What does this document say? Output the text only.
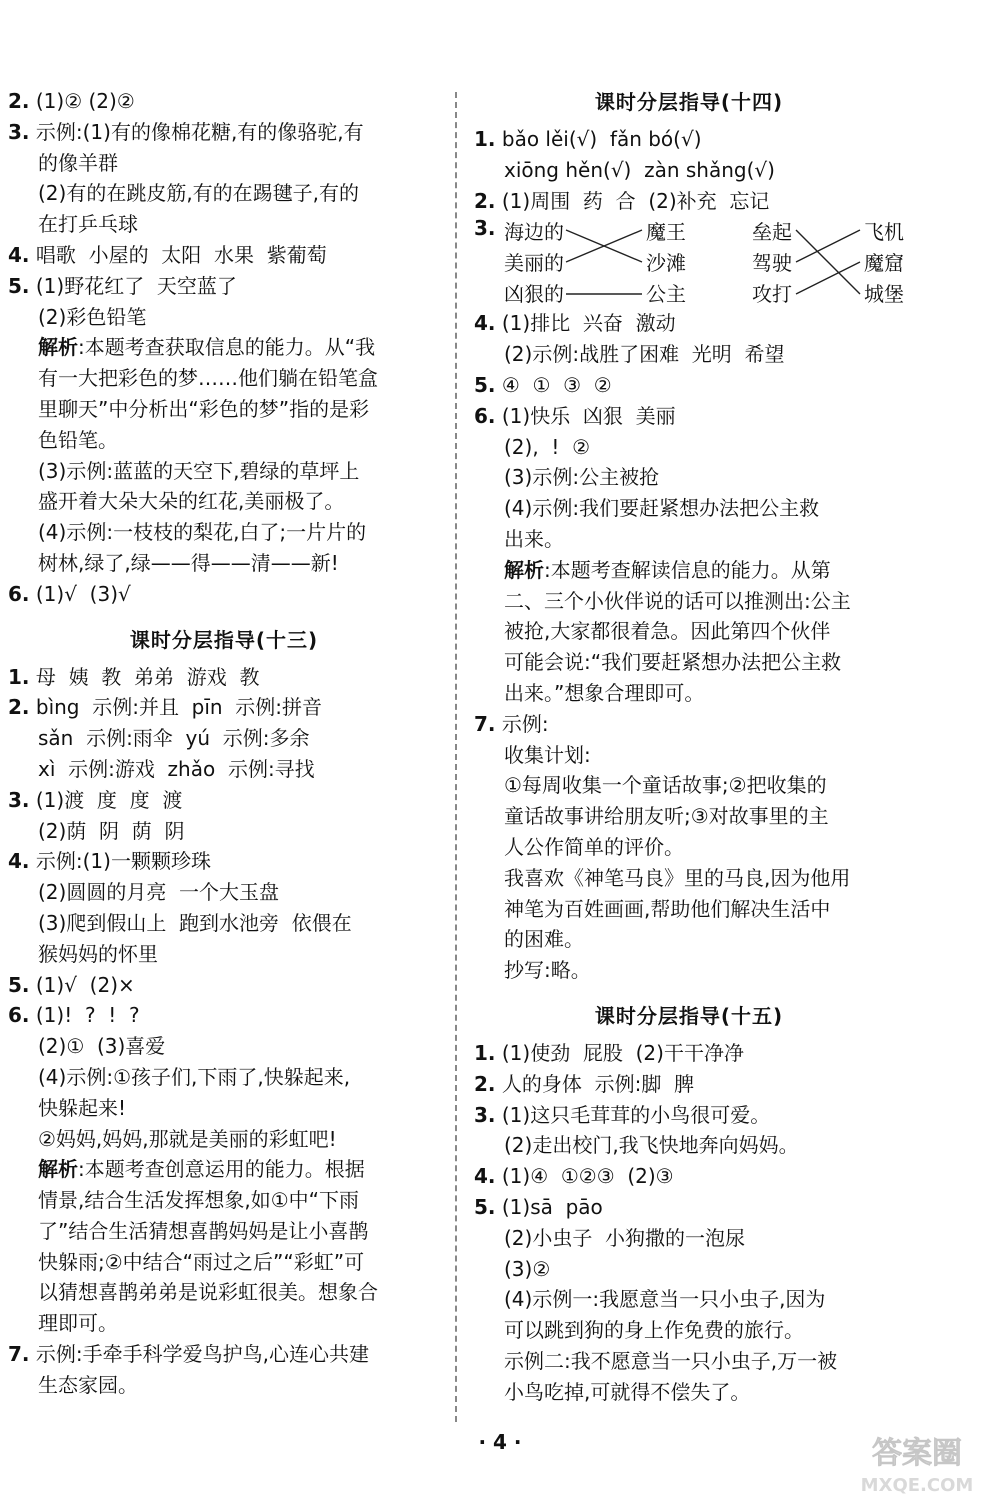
2. (1)② (2)②
3. 示例:(1)有的像棉花糖,有的像骆驼,有
的像羊群
(2)有的在跳皮筋,有的在踢毽子,有的
在打乒乓球
4. 唱歌  小屋的  太阳  水果  紫葡萄
5. (1)野花红了  天空蓝了
(2)彩色铅笔
解析:本题考查获取信息的能力。从“我
有一大把彩色的梦……他们躺在铅笔盒
里聊天”中分析出“彩色的梦”指的是彩
色铅笔。
(3)示例:蓝蓝的天空下,碧绿的草坪上
盛开着大朵大朵的红花,美丽极了。
(4)示例:一枝枝的梨花,白了;一片片的
树林,绿了,绿——得——清——新!
6. (1)√  (3)√
课时分层指导(十三)
1. 母  姨  教  弟弟  游戏  教
2. bìng  示例:并且  pīn  示例:拼音
sǎn  示例:雨伞  yú  示例:多余
xì  示例:游戏  zhǎo  示例:寻找
3. (1)渡  度  度  渡
(2)荫  阴  荫  阴
4. 示例:(1)一颗颗珍珠
(2)圆圆的月亮  一个大玉盘
(3)爬到假山上  跑到水池旁  依偎在
猴妈妈的怀里
5. (1)√  (2)×
6. (1)!  ?  !  ?
(2)①  (3)喜爱
(4)示例:①孩子们,下雨了,快躲起来,
快躲起来!
②妈妈,妈妈,那就是美丽的彩虹吧!
解析:本题考查创意运用的能力。根据
情景,结合生活发挥想象,如①中“下雨
了”结合生活猜想喜鹊妈妈是让小喜鹊
快躲雨;②中结合“雨过之后”“彩虹”可
以猜想喜鹊弟弟是说彩虹很美。想象合
理即可。
7. 示例:手牵手科学爱鸟护鸟,心连心共建
生态家园。
课时分层指导(十四)
1. bǎo lěi(√)  fǎn bó(√)
xiōng hěn(√)  zàn shǎng(√)
2. (1)周围  药  合  (2)补充  忘记
3. 海边的
美丽的
凶狠的
魔王
沙滩
公主
垒起
驾驶
攻打
飞机
魔窟
城堡
4. (1)排比  兴奋  激动
(2)示例:战胜了困难  光明  希望
5. ④  ①  ③  ②
6. (1)快乐  凶狠  美丽
(2),  !  ②
(3)示例:公主被抢
(4)示例:我们要赶紧想办法把公主救
出来。
解析:本题考查解读信息的能力。从第
二、三个小伙伴说的话可以推测出:公主
被抢,大家都很着急。因此第四个伙伴
可能会说:“我们要赶紧想办法把公主救
出来。”想象合理即可。
7. 示例:
收集计划:
①每周收集一个童话故事;②把收集的
童话故事讲给朋友听;③对故事里的主
人公作简单的评价。
我喜欢《神笔马良》里的马良,因为他用
神笔为百姓画画,帮助他们解决生活中
的困难。
抄写:略。
课时分层指导(十五)
1. (1)使劲  屁股  (2)干干净净
2. 人的身体  示例:脚  脾
3. (1)这只毛茸茸的小鸟很可爱。
(2)走出校门,我飞快地奔向妈妈。
4. (1)④  ①②③  (2)③
5. (1)sā  pāo
(2)小虫子  小狗撒的一泡尿
(3)②
(4)示例一:我愿意当一只小虫子,因为
可以跳到狗的身上作免费的旅行。
示例二:我不愿意当一只小虫子,万一被
小鸟吃掉,可就得不偿失了。
· 4 ·	答案圈
MXQE.COM
